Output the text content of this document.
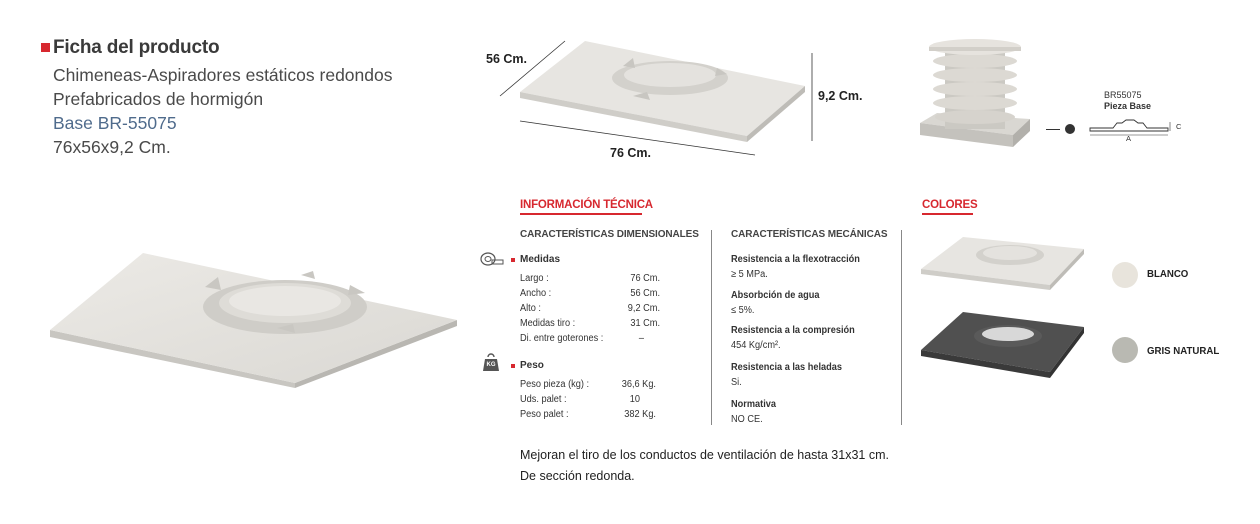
Ficha del producto
Chimeneas-Aspiradores estáticos redondos
Prefabricados de hormigón
Base BR-55075
76x56x9,2 Cm.
56 Cm.
9,2 Cm.
76 Cm.
BR55075
Pieza Base
A
C
INFORMACIÓN TÉCNICA
CARACTERÍSTICAS DIMENSIONALES	CARACTERÍSTICAS MECÁNICAS
Medidas
Largo :	76 Cm.
Ancho :	56 Cm.
Alto :	9,2 Cm.
Medidas tiro :	31 Cm.
Di. entre goterones :	–
KG	Peso
Peso pieza (kg) :	36,6 Kg.
Uds. palet :	10
Peso palet :	382 Kg.
Resistencia a la flexotracción
≥ 5 MPa.
Absorbción de agua
≤ 5%.
Resistencia a la compresión
454 Kg/cm².
Resistencia a las heladas
Si.
Normativa
NO CE.
COLORES
BLANCO
GRIS NATURAL
Mejoran el tiro de los conductos de ventilación de hasta 31x31 cm.
De sección redonda.
